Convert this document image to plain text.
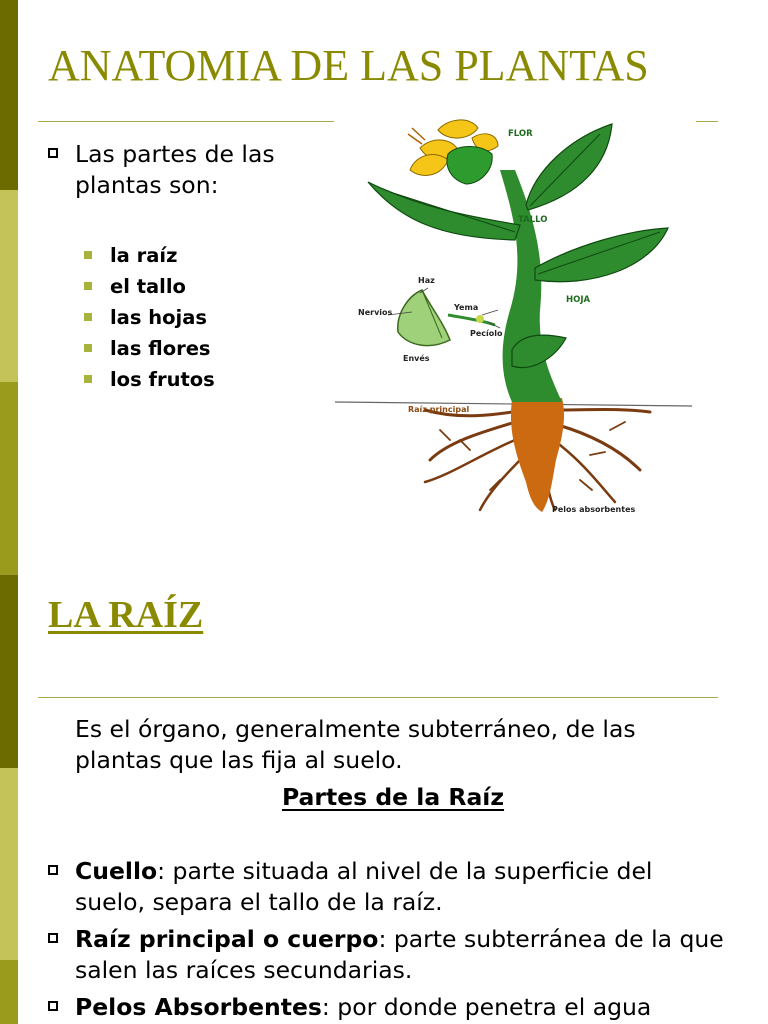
ANATOMIA DE LAS PLANTAS
Las partes de las plantas son:
la raíz
el tallo
las hojas
las flores
los frutos
FLOR
TALLO
HOJA
Haz
Nervios
Yema
Pecíolo
Envés
Raíz principal
Pelos absorbentes
LA RAÍZ
Es el órgano, generalmente subterráneo, de las plantas que las fija al suelo.
Partes de la Raíz
Cuello: parte situada al nivel de la superficie del suelo, separa el tallo de la raíz.
Raíz principal o cuerpo: parte subterránea de la que salen las raíces secundarias.
Pelos Absorbentes: por donde penetra el agua
